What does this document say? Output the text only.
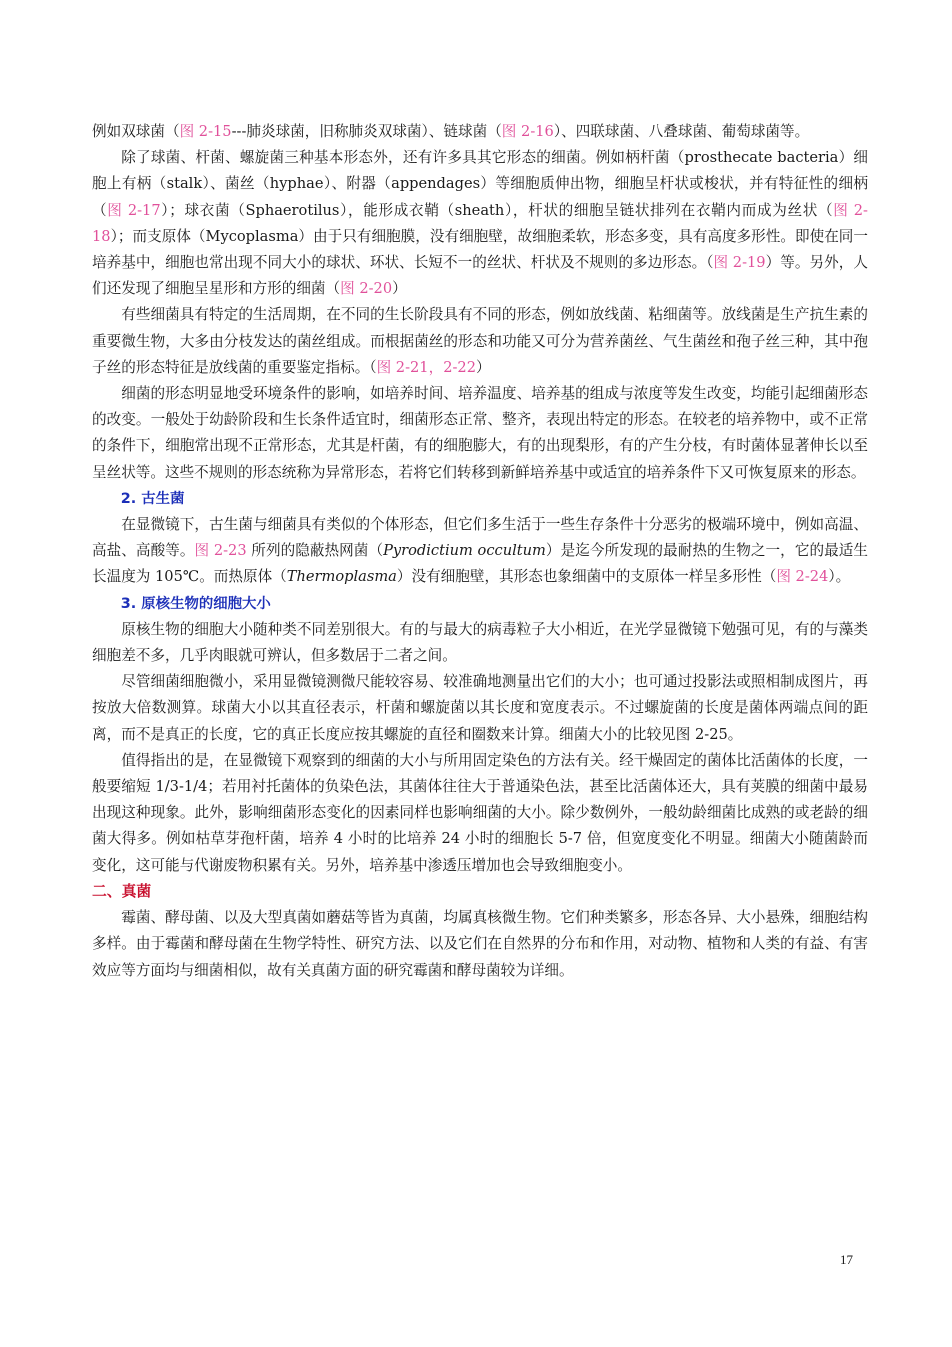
例如双球菌（图 2-15---肺炎球菌，旧称肺炎双球菌）、链球菌（图 2-16）、四联球菌、八叠球菌、葡萄球菌等。

除了球菌、杆菌、螺旋菌三种基本形态外，还有许多具其它形态的细菌。例如柄杆菌（prosthecate bacteria）细胞上有柄（stalk）、菌丝（hyphae）、附器（appendages）等细胞质伸出物，细胞呈杆状或梭状，并有特征性的细柄（图 2-17）；球衣菌（Sphaerotilus），能形成衣鞘（sheath），杆状的细胞呈链状排列在衣鞘内而成为丝状（图 2-18）；而支原体（Mycoplasma）由于只有细胞膜，没有细胞壁，故细胞柔软，形态多变，具有高度多形性。即使在同一培养基中，细胞也常出现不同大小的球状、环状、长短不一的丝状、杆状及不规则的多边形态。（图 2-19）等。另外，人们还发现了细胞呈星形和方形的细菌（图 2-20）

有些细菌具有特定的生活周期，在不同的生长阶段具有不同的形态，例如放线菌、粘细菌等。放线菌是生产抗生素的重要微生物，大多由分枝发达的菌丝组成。而根据菌丝的形态和功能又可分为营养菌丝、气生菌丝和孢子丝三种，其中孢子丝的形态特征是放线菌的重要鉴定指标。（图 2-21，2-22）

细菌的形态明显地受环境条件的影响，如培养时间、培养温度、培养基的组成与浓度等发生改变，均能引起细菌形态的改变。一般处于幼龄阶段和生长条件适宜时，细菌形态正常、整齐，表现出特定的形态。在较老的培养物中，或不正常的条件下，细胞常出现不正常形态，尤其是杆菌，有的细胞膨大，有的出现梨形，有的产生分枝，有时菌体显著伸长以至呈丝状等。这些不规则的形态统称为异常形态，若将它们转移到新鲜培养基中或适宜的培养条件下又可恢复原来的形态。

2. 古生菌

在显微镜下，古生菌与细菌具有类似的个体形态，但它们多生活于一些生存条件十分恶劣的极端环境中，例如高温、高盐、高酸等。图 2-23 所列的隐蔽热网菌（Pyrodictium occultum）是迄今所发现的最耐热的生物之一，它的最适生长温度为 105℃。而热原体（Thermoplasma）没有细胞壁，其形态也象细菌中的支原体一样呈多形性（图 2-24）。

3. 原核生物的细胞大小

原核生物的细胞大小随种类不同差别很大。有的与最大的病毒粒子大小相近，在光学显微镜下勉强可见，有的与藻类细胞差不多，几乎肉眼就可辨认，但多数居于二者之间。

尽管细菌细胞微小，采用显微镜测微尺能较容易、较准确地测量出它们的大小；也可通过投影法或照相制成图片，再按放大倍数测算。球菌大小以其直径表示，杆菌和螺旋菌以其长度和宽度表示。不过螺旋菌的长度是菌体两端点间的距离，而不是真正的长度，它的真正长度应按其螺旋的直径和圈数来计算。细菌大小的比较见图 2-25。

值得指出的是，在显微镜下观察到的细菌的大小与所用固定染色的方法有关。经干燥固定的菌体比活菌体的长度，一般要缩短 1/3-1/4；若用衬托菌体的负染色法，其菌体往往大于普通染色法，甚至比活菌体还大，具有荚膜的细菌中最易出现这种现象。此外，影响细菌形态变化的因素同样也影响细菌的大小。除少数例外，一般幼龄细菌比成熟的或老龄的细菌大得多。例如枯草芽孢杆菌，培养 4 小时的比培养 24 小时的细胞长 5-7 倍，但宽度变化不明显。细菌大小随菌龄而变化，这可能与代谢废物积累有关。另外，培养基中渗透压增加也会导致细胞变小。

二、真菌

霉菌、酵母菌、以及大型真菌如蘑菇等皆为真菌，均属真核微生物。它们种类繁多，形态各异、大小悬殊，细胞结构多样。由于霉菌和酵母菌在生物学特性、研究方法、以及它们在自然界的分布和作用，对动物、植物和人类的有益、有害效应等方面均与细菌相似，故有关真菌方面的研究霉菌和酵母菌较为详细。

17
